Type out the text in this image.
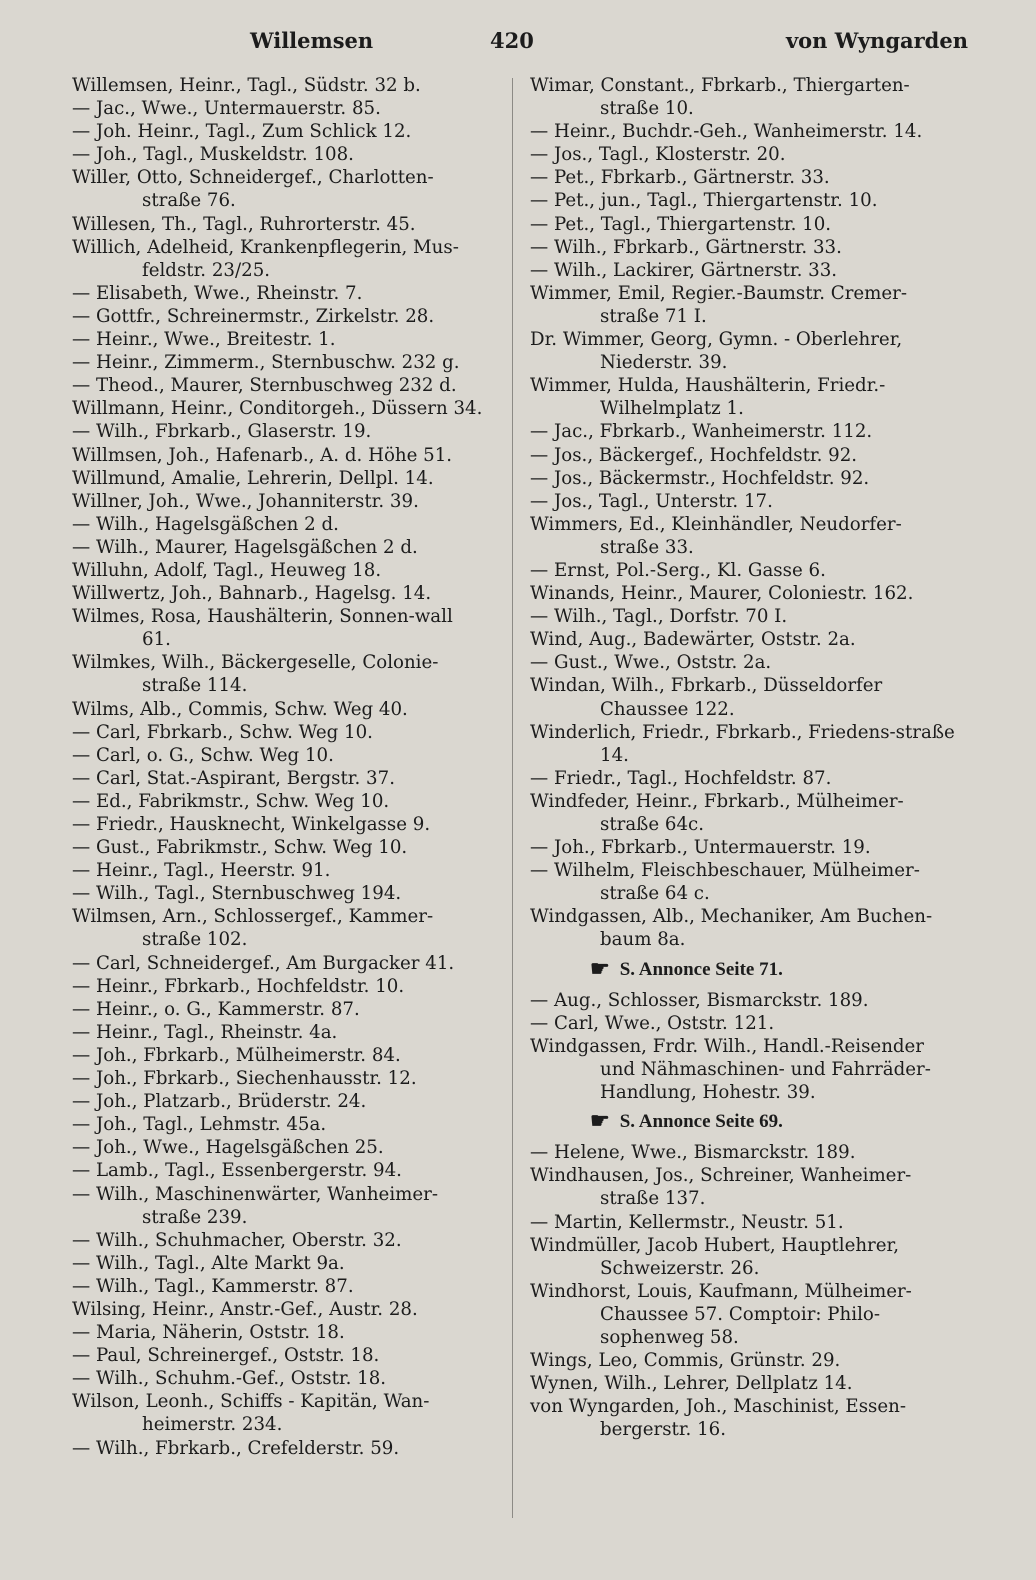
Willemsen	420	von Wyngarden

Willemsen, Heinr., Tagl., Südstr. 32 b.

— Jac., Wwe., Untermauerstr. 85.

— Joh. Heinr., Tagl., Zum Schlick 12.

— Joh., Tagl., Muskeldstr. 108.

Willer, Otto, Schneidergef., Charlotten-straße 76.

Willesen, Th., Tagl., Ruhrorterstr. 45.

Willich, Adelheid, Krankenpflegerin, Mus-feldstr. 23/25.

— Elisabeth, Wwe., Rheinstr. 7.

— Gottfr., Schreinermstr., Zirkelstr. 28.

— Heinr., Wwe., Breitestr. 1.

— Heinr., Zimmerm., Sternbuschw. 232 g.

— Theod., Maurer, Sternbuschweg 232 d.

Willmann, Heinr., Conditorgeh., Düssern 34.

— Wilh., Fbrkarb., Glaserstr. 19.

Willmsen, Joh., Hafenarb., A. d. Höhe 51.

Willmund, Amalie, Lehrerin, Dellpl. 14.

Willner, Joh., Wwe., Johanniterstr. 39.

— Wilh., Hagelsgäßchen 2 d.

— Wilh., Maurer, Hagelsgäßchen 2 d.

Willuhn, Adolf, Tagl., Heuweg 18.

Willwertz, Joh., Bahnarb., Hagelsg. 14.

Wilmes, Rosa, Haushälterin, Sonnen-wall 61.

Wilmkes, Wilh., Bäckergeselle, Colonie-straße 114.

Wilms, Alb., Commis, Schw. Weg 40.

— Carl, Fbrkarb., Schw. Weg 10.

— Carl, o. G., Schw. Weg 10.

— Carl, Stat.-Aspirant, Bergstr. 37.

— Ed., Fabrikmstr., Schw. Weg 10.

— Friedr., Hausknecht, Winkelgasse 9.

— Gust., Fabrikmstr., Schw. Weg 10.

— Heinr., Tagl., Heerstr. 91.

— Wilh., Tagl., Sternbuschweg 194.

Wilmsen, Arn., Schlossergef., Kammer-straße 102.

— Carl, Schneidergef., Am Burgacker 41.

— Heinr., Fbrkarb., Hochfeldstr. 10.

— Heinr., o. G., Kammerstr. 87.

— Heinr., Tagl., Rheinstr. 4a.

— Joh., Fbrkarb., Mülheimerstr. 84.

— Joh., Fbrkarb., Siechenhausstr. 12.

— Joh., Platzarb., Brüderstr. 24.

— Joh., Tagl., Lehmstr. 45a.

— Joh., Wwe., Hagelsgäßchen 25.

— Lamb., Tagl., Essenbergerstr. 94.

— Wilh., Maschinenwärter, Wanheimer-straße 239.

— Wilh., Schuhmacher, Oberstr. 32.

— Wilh., Tagl., Alte Markt 9a.

— Wilh., Tagl., Kammerstr. 87.

Wilsing, Heinr., Anstr.-Gef., Austr. 28.

— Maria, Näherin, Oststr. 18.

— Paul, Schreinergef., Oststr. 18.

— Wilh., Schuhm.-Gef., Oststr. 18.

Wilson, Leonh., Schiffs - Kapitän, Wan-heimerstr. 234.

— Wilh., Fbrkarb., Crefelderstr. 59.

Wimar, Constant., Fbrkarb., Thiergarten-straße 10.

— Heinr., Buchdr.-Geh., Wanheimerstr. 14.

— Jos., Tagl., Klosterstr. 20.

— Pet., Fbrkarb., Gärtnerstr. 33.

— Pet., jun., Tagl., Thiergartenstr. 10.

— Pet., Tagl., Thiergartenstr. 10.

— Wilh., Fbrkarb., Gärtnerstr. 33.

— Wilh., Lackirer, Gärtnerstr. 33.

Wimmer, Emil, Regier.-Baumstr. Cremer-straße 71 I.

Dr. Wimmer, Georg, Gymn. - Oberlehrer, Niederstr. 39.

Wimmer, Hulda, Haushälterin, Friedr.-Wilhelmplatz 1.

— Jac., Fbrkarb., Wanheimerstr. 112.

— Jos., Bäckergef., Hochfeldstr. 92.

— Jos., Bäckermstr., Hochfeldstr. 92.

— Jos., Tagl., Unterstr. 17.

Wimmers, Ed., Kleinhändler, Neudorfer-straße 33.

— Ernst, Pol.-Serg., Kl. Gasse 6.

Winands, Heinr., Maurer, Coloniestr. 162.

— Wilh., Tagl., Dorfstr. 70 I.

Wind, Aug., Badewärter, Oststr. 2a.

— Gust., Wwe., Oststr. 2a.

Windan, Wilh., Fbrkarb., Düsseldorfer Chaussee 122.

Winderlich, Friedr., Fbrkarb., Friedens-straße 14.

— Friedr., Tagl., Hochfeldstr. 87.

Windfeder, Heinr., Fbrkarb., Mülheimer-straße 64c.

— Joh., Fbrkarb., Untermauerstr. 19.

— Wilhelm, Fleischbeschauer, Mülheimer-straße 64 c.

Windgassen, Alb., Mechaniker, Am Buchen-baum 8a.

☛ S. Annonce Seite 71.

— Aug., Schlosser, Bismarckstr. 189.

— Carl, Wwe., Oststr. 121.

Windgassen, Frdr. Wilh., Handl.-Reisender und Nähmaschinen- und Fahrräder-Handlung, Hohestr. 39.

☛ S. Annonce Seite 69.

— Helene, Wwe., Bismarckstr. 189.

Windhausen, Jos., Schreiner, Wanheimer-straße 137.

— Martin, Kellermstr., Neustr. 51.

Windmüller, Jacob Hubert, Hauptlehrer, Schweizerstr. 26.

Windhorst, Louis, Kaufmann, Mülheimer-Chaussee 57. Comptoir: Philo-sophenweg 58.

Wings, Leo, Commis, Grünstr. 29.

Wynen, Wilh., Lehrer, Dellplatz 14.

von Wyngarden, Joh., Maschinist, Essen-bergerstr. 16.
